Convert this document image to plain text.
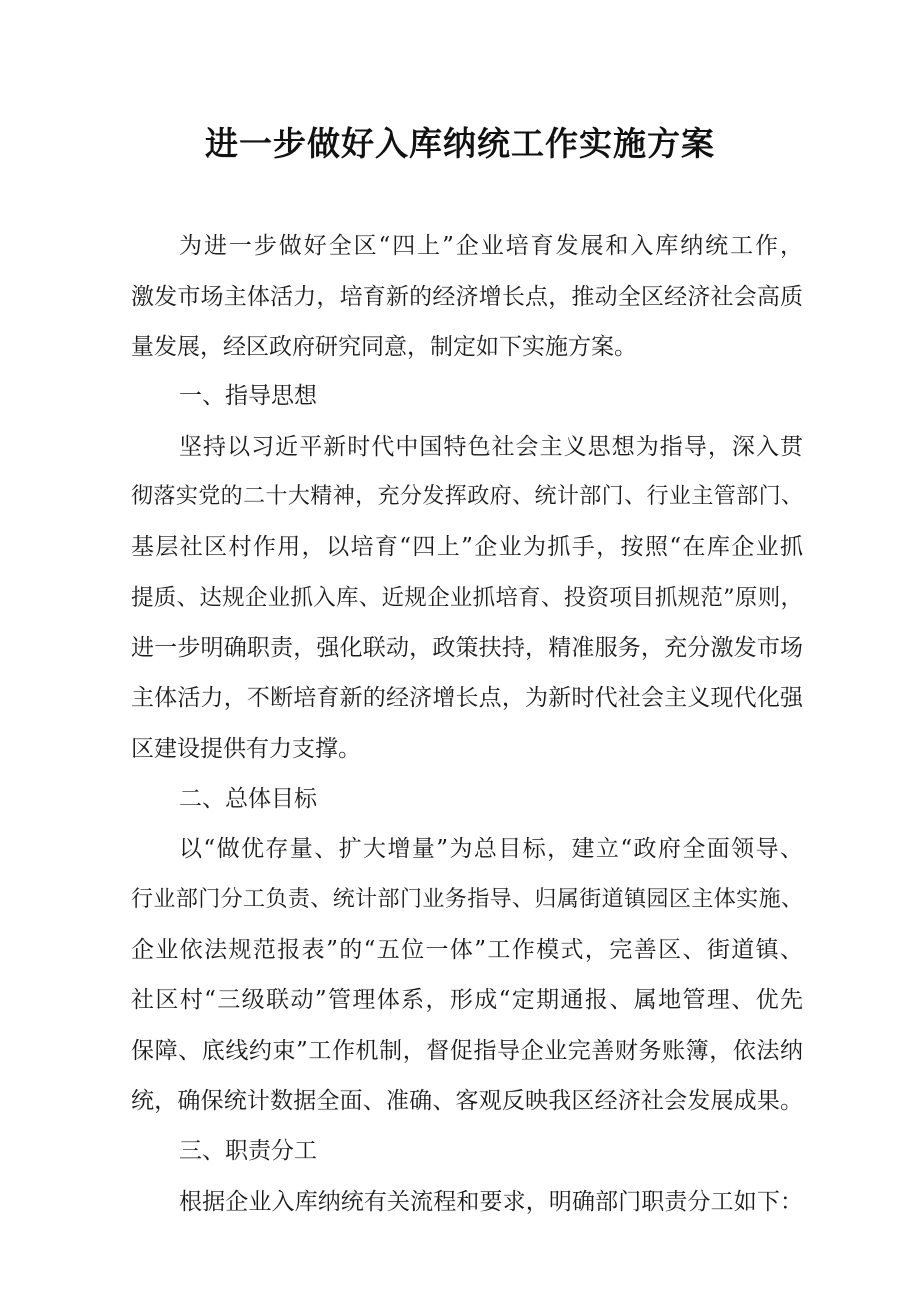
进一步做好入库纳统工作实施方案
为进一步做好全区“四上”企业培育发展和入库纳统工作，
激发市场主体活力，培育新的经济增长点，推动全区经济社会高质
量发展，经区政府研究同意，制定如下实施方案。
一、指导思想
坚持以习近平新时代中国特色社会主义思想为指导，深入贯
彻落实党的二十大精神，充分发挥政府、统计部门、行业主管部门、
基层社区村作用，以培育“四上”企业为抓手，按照“在库企业抓
提质、达规企业抓入库、近规企业抓培育、投资项目抓规范”原则，
进一步明确职责，强化联动，政策扶持，精准服务，充分激发市场
主体活力，不断培育新的经济增长点，为新时代社会主义现代化强
区建设提供有力支撑。
二、总体目标
以“做优存量、扩大增量”为总目标，建立“政府全面领导、
行业部门分工负责、统计部门业务指导、归属街道镇园区主体实施、
企业依法规范报表”的“五位一体”工作模式，完善区、街道镇、
社区村“三级联动”管理体系，形成“定期通报、属地管理、优先
保障、底线约束”工作机制，督促指导企业完善财务账簿，依法纳
统，确保统计数据全面、准确、客观反映我区经济社会发展成果。
三、职责分工
根据企业入库纳统有关流程和要求，明确部门职责分工如下：
